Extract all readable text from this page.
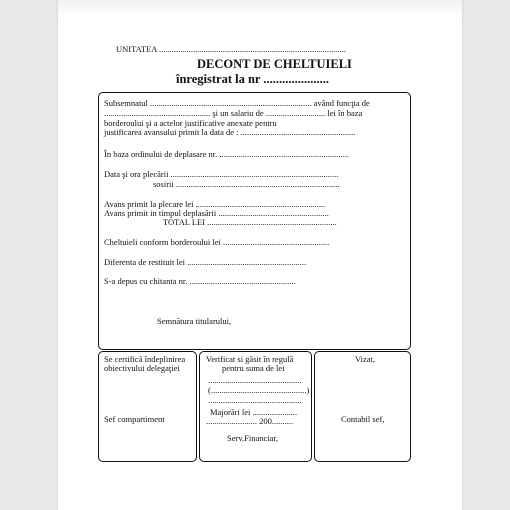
UNITATEA ........................................................................................
DECONT DE CHELTUIELI
înregistrat la nr .....................
Subsemnatul ............................................................................ având funcţia de
.................................................. şi un salariu de ............................ lei în baza
borderoului şi a actelor justificative anexate pentru
justificarea avansului primit la data de : ......................................................
În baza ordinului de deplasare nr. .............................................................
Data şi ora plecării ...............................................................................
sosirii .............................................................................
Avans primit la plecare lei .............................................................
Avans primit in timpul deplasării ....................................................
TOTAL LEI .............................................................
Cheltuieli conform borderoului lei ..................................................
Diferenta de restituit lei ........................................................
S-a depus cu chitanta nr. ..................................................
Semnătura titularului,
Se certifică îndeplinirea
obiectivului delegaţiei
Sef compartiment
Verificat si găsit în regulă
pentru suma de lei
............................................
(.............................................)
............................................
Majorări lei .....................
........................ 200..........
Serv.Financiar,
Vizat,
Contabil sef,
